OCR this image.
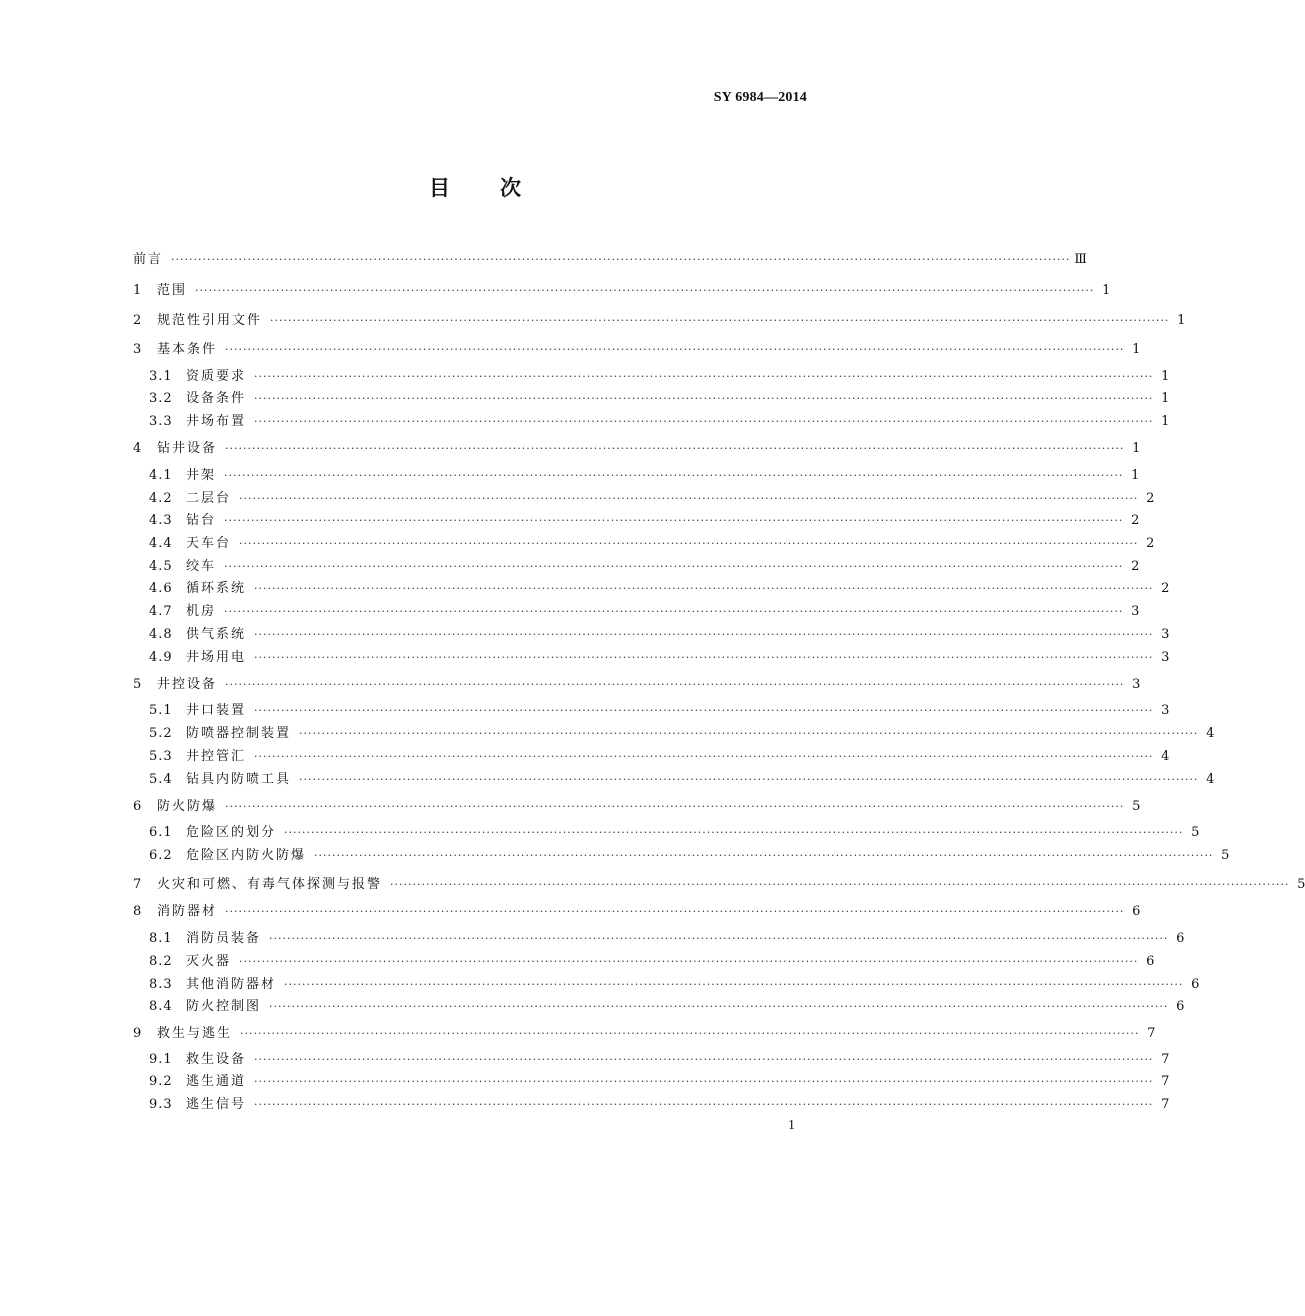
SY 6984—2014
目次
前言 ········································································································································································································ Ⅲ
1	范围 ········································································································································································································ 1
2	规范性引用文件 ········································································································································································································ 1
3	基本条件 ········································································································································································································ 1
3.1	资质要求 ········································································································································································································ 1
3.2	设备条件 ········································································································································································································ 1
3.3	井场布置 ········································································································································································································ 1
4	钻井设备 ········································································································································································································ 1
4.1	井架 ········································································································································································································ 1
4.2	二层台 ········································································································································································································ 2
4.3	钻台 ········································································································································································································ 2
4.4	天车台 ········································································································································································································ 2
4.5	绞车 ········································································································································································································ 2
4.6	循环系统 ········································································································································································································ 2
4.7	机房 ········································································································································································································ 3
4.8	供气系统 ········································································································································································································ 3
4.9	井场用电 ········································································································································································································ 3
5	井控设备 ········································································································································································································ 3
5.1	井口装置 ········································································································································································································ 3
5.2	防喷器控制装置 ········································································································································································································ 4
5.3	井控管汇 ········································································································································································································ 4
5.4	钻具内防喷工具 ········································································································································································································ 4
6	防火防爆 ········································································································································································································ 5
6.1	危险区的划分 ········································································································································································································ 5
6.2	危险区内防火防爆 ········································································································································································································ 5
7	火灾和可燃、有毒气体探测与报警 ········································································································································································································ 5
8	消防器材 ········································································································································································································ 6
8.1	消防员装备 ········································································································································································································ 6
8.2	灭火器 ········································································································································································································ 6
8.3	其他消防器材 ········································································································································································································ 6
8.4	防火控制图 ········································································································································································································ 6
9	救生与逃生 ········································································································································································································ 7
9.1	救生设备 ········································································································································································································ 7
9.2	逃生通道 ········································································································································································································ 7
9.3	逃生信号 ········································································································································································································ 7
1
